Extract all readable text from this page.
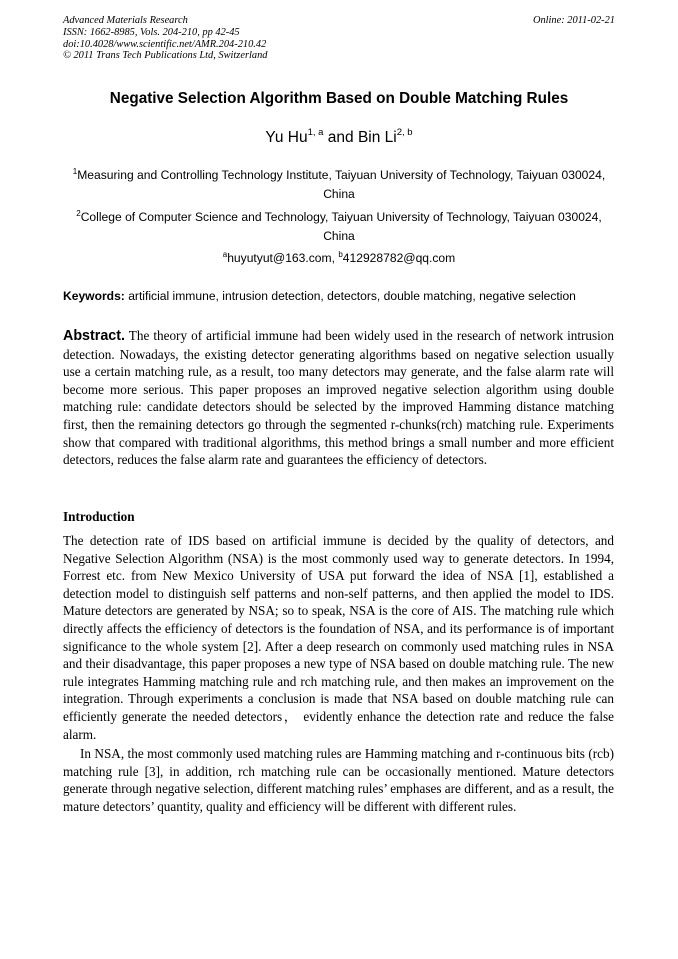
Advanced Materials Research
ISSN: 1662-8985, Vols. 204-210, pp 42-45
doi:10.4028/www.scientific.net/AMR.204-210.42
© 2011 Trans Tech Publications Ltd, Switzerland
Online: 2011-02-21
Negative Selection Algorithm Based on Double Matching Rules
Yu Hu$^{1, a}$ and Bin Li$^{2, b}$
$^1$Measuring and Controlling Technology Institute, Taiyuan University of Technology, Taiyuan 030024, China
$^2$College of Computer Science and Technology, Taiyuan University of Technology, Taiyuan 030024, China
$^a$huyutyut@163.com, $^b$412928782@qq.com
Keywords: artificial immune, intrusion detection, detectors, double matching, negative selection
Abstract. The theory of artificial immune had been widely used in the research of network intrusion detection. Nowadays, the existing detector generating algorithms based on negative selection usually use a certain matching rule, as a result, too many detectors may generate, and the false alarm rate will become more serious. This paper proposes an improved negative selection algorithm using double matching rule: candidate detectors should be selected by the improved Hamming distance matching first, then the remaining detectors go through the segmented r-chunks(rch) matching rule. Experiments show that compared with traditional algorithms, this method brings a small number and more efficient detectors, reduces the false alarm rate and guarantees the efficiency of detectors.
Introduction

The detection rate of IDS based on artificial immune is decided by the quality of detectors, and Negative Selection Algorithm (NSA) is the most commonly used way to generate detectors. In 1994, Forrest etc. from New Mexico University of USA put forward the idea of NSA [1], established a detection model to distinguish self patterns and non-self patterns, and then applied the model to IDS. Mature detectors are generated by NSA; so to speak, NSA is the core of AIS. The matching rule which directly affects the efficiency of detectors is the foundation of NSA, and its performance is of important significance to the whole system [2]. After a deep research on commonly used matching rules in NSA and their disadvantage, this paper proposes a new type of NSA based on double matching rule. The new rule integrates Hamming matching rule and rch matching rule, and then makes an improvement on the integration. Through experiments a conclusion is made that NSA based on double matching rule can efficiently generate the needed detectors， evidently enhance the detection rate and reduce the false alarm.

In NSA, the most commonly used matching rules are Hamming matching and r-continuous bits (rcb) matching rule [3], in addition, rch matching rule can be occasionally mentioned. Mature detectors generate through negative selection, different matching rules’ emphases are different, and as a result, the mature detectors’ quantity, quality and efficiency will be different with different rules.
